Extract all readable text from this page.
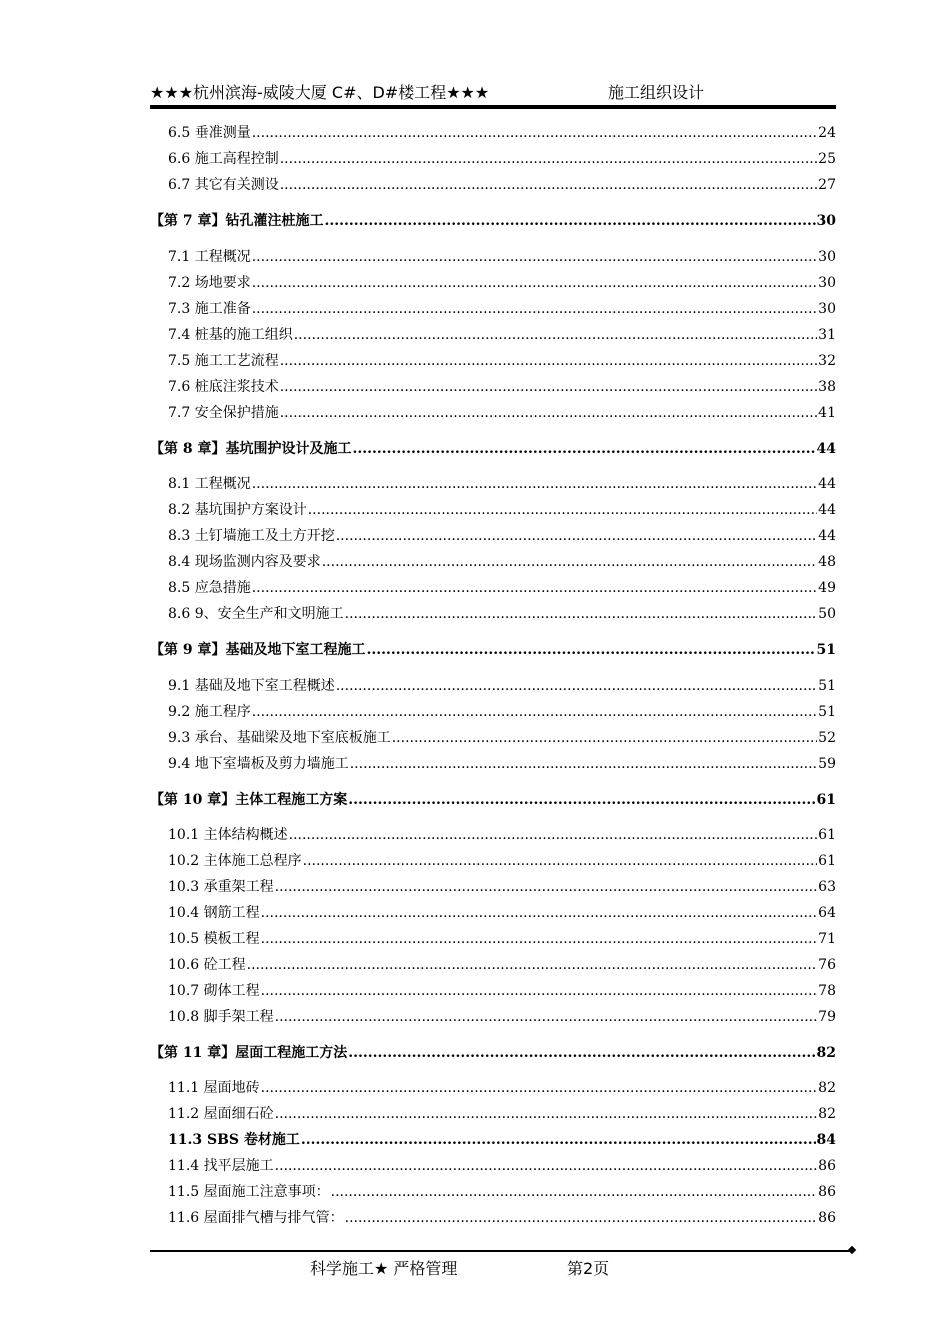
★★★杭州滨海-威陵大厦 C#、D#楼工程★★★	施工组织设计
6.5 垂准测量 .....	24
6.6 施工高程控制 .....	25
6.7 其它有关测设 .....	27
【第 7 章】 钻孔灌注桩施工 .....	30
7.1 工程概况 .....	30
7.2 场地要求 .....	30
7.3 施工准备 .....	30
7.4 桩基的施工组织 .....	31
7.5 施工工艺流程 .....	32
7.6 桩底注浆技术 .....	38
7.7 安全保护措施 .....	41
【第 8 章】 基坑围护设计及施工 .....	44
8.1 工程概况 .....	44
8.2 基坑围护方案设计 .....	44
8.3 土钉墙施工及土方开挖 .....	44
8.4 现场监测内容及要求 .....	48
8.5 应急措施 .....	49
8.6 9、安全生产和文明施工 .....	50
【第 9 章】 基础及地下室工程施工 .....	51
9.1 基础及地下室工程概述 .....	51
9.2 施工程序 .....	51
9.3 承台、基础梁及地下室底板施工 .....	52
9.4 地下室墙板及剪力墙施工 .....	59
【第 10 章】 主体工程施工方案 .....	61
10.1 主体结构概述 .....	61
10.2 主体施工总程序 .....	61
10.3 承重架工程 .....	63
10.4 钢筋工程 .....	64
10.5 模板工程 .....	71
10.6 砼工程 .....	76
10.7 砌体工程 .....	78
10.8 脚手架工程 .....	79
【第 11 章】 屋面工程施工方法 .....	82
11.1 屋面地砖 .....	82
11.2 屋面细石砼 .....	82
11.3 SBS 卷材施工 .....	84
11.4 找平层施工 .....	86
11.5 屋面施工注意事项： .....	86
11.6 屋面排气槽与排气管： .....	86
科学施工★ 严格管理	第2页
